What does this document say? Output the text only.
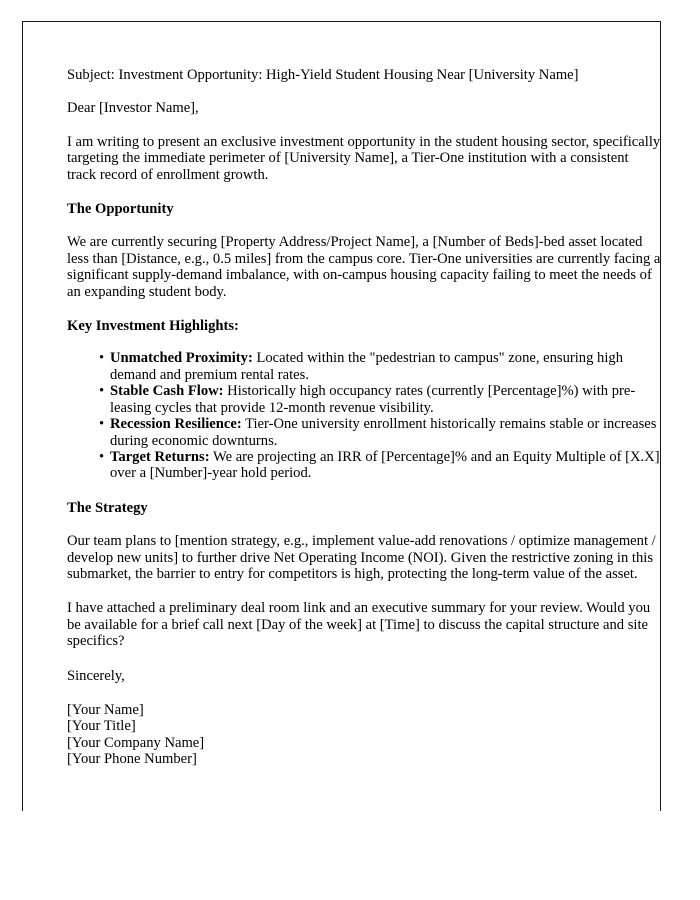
Subject: Investment Opportunity: High-Yield Student Housing Near [University Name]

Dear [Investor Name],

I am writing to present an exclusive investment opportunity in the student housing sector, specifically targeting the immediate perimeter of [University Name], a Tier-One institution with a consistent track record of enrollment growth.

The Opportunity

We are currently securing [Property Address/Project Name], a [Number of Beds]-bed asset located less than [Distance, e.g., 0.5 miles] from the campus core. Tier-One universities are currently facing a significant supply-demand imbalance, with on-campus housing capacity failing to meet the needs of an expanding student body.

Key Investment Highlights:
• Unmatched Proximity: Located within the "pedestrian to campus" zone, ensuring high demand and premium rental rates.
• Stable Cash Flow: Historically high occupancy rates (currently [Percentage]%) with pre-leasing cycles that provide 12-month revenue visibility.
• Recession Resilience: Tier-One university enrollment historically remains stable or increases during economic downturns.
• Target Returns: We are projecting an IRR of [Percentage]% and an Equity Multiple of [X.X] over a [Number]-year hold period.
The Strategy

Our team plans to [mention strategy, e.g., implement value-add renovations / optimize management / develop new units] to further drive Net Operating Income (NOI). Given the restrictive zoning in this submarket, the barrier to entry for competitors is high, protecting the long-term value of the asset.

I have attached a preliminary deal room link and an executive summary for your review. Would you be available for a brief call next [Day of the week] at [Time] to discuss the capital structure and site specifics?

Sincerely,

[Your Name]

[Your Title]

[Your Company Name]

[Your Phone Number]
